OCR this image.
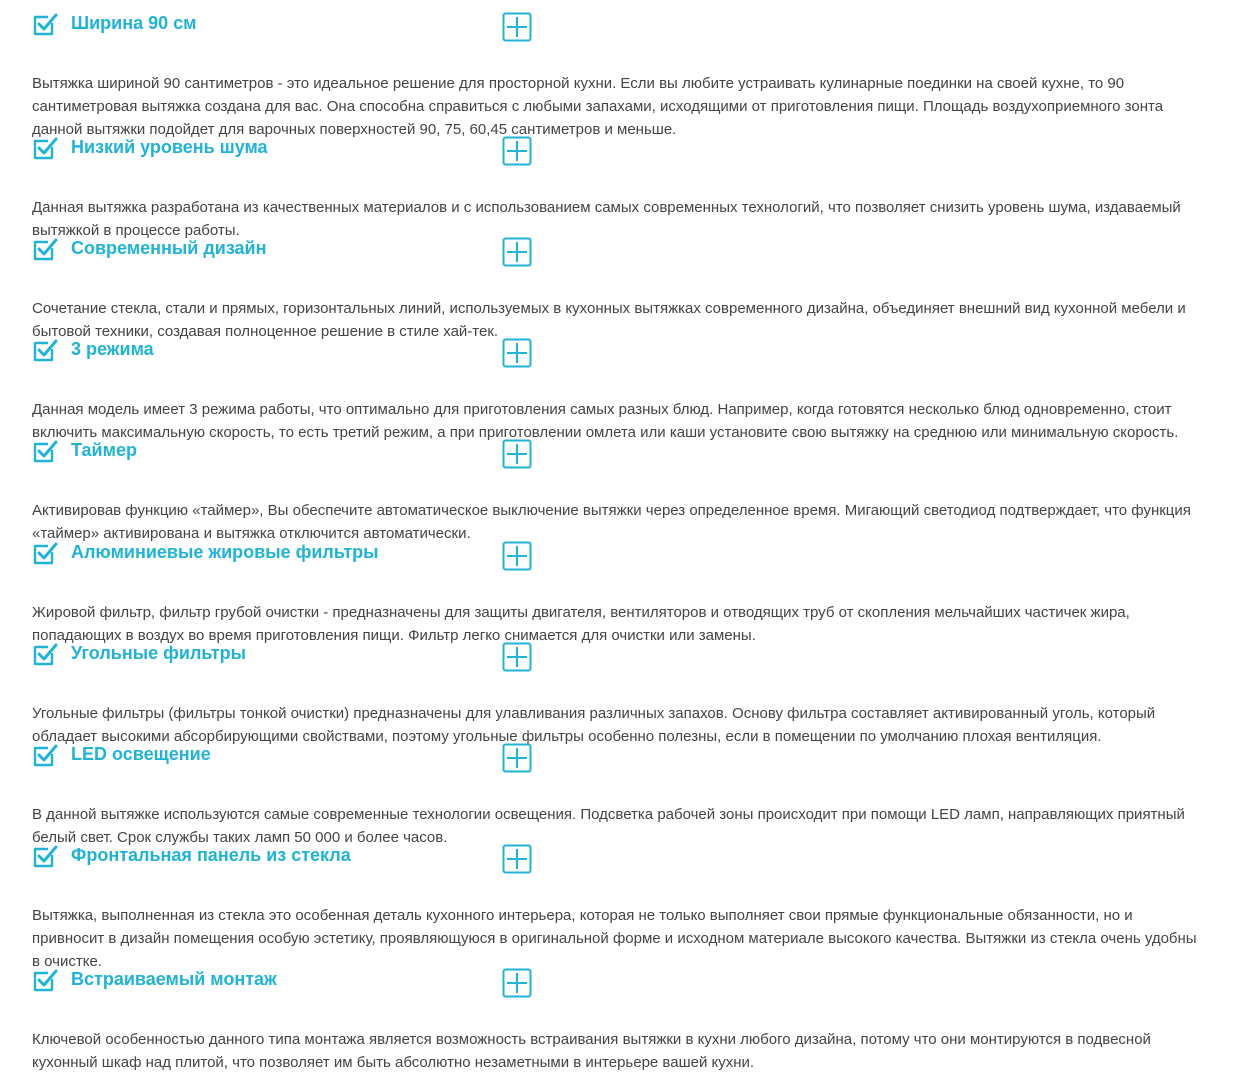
Ширина 90 см
Вытяжка шириной 90 сантиметров - это идеальное решение для просторной кухни. Если вы любите устраивать кулинарные поединки на своей кухне, то 90
сантиметровая вытяжка создана для вас. Она способна справиться с любыми запахами, исходящими от приготовления пищи. Площадь воздухоприемного зонта
данной вытяжки подойдет для варочных поверхностей 90, 75, 60,45 сантиметров и меньше.
Низкий уровень шума
Данная вытяжка разработана из качественных материалов и с использованием самых современных технологий, что позволяет снизить уровень шума, издаваемый
вытяжкой в процессе работы.
Современный дизайн
Сочетание стекла, стали и прямых, горизонтальных линий, используемых в кухонных вытяжках современного дизайна, объединяет внешний вид кухонной мебели и
бытовой техники, создавая полноценное решение в стиле хай-тек.
3 режима
Данная модель имеет 3 режима работы, что оптимально для приготовления самых разных блюд. Например, когда готовятся несколько блюд одновременно, стоит
включить максимальную скорость, то есть третий режим, а при приготовлении омлета или каши установите свою вытяжку на среднюю или минимальную скорость.
Таймер
Активировав функцию «таймер», Вы обеспечите автоматическое выключение вытяжки через определенное время. Мигающий светодиод подтверждает, что функция
«таймер» активирована и вытяжка отключится автоматически.
Алюминиевые жировые фильтры
Жировой фильтр, фильтр грубой очистки - предназначены для защиты двигателя, вентиляторов и отводящих труб от скопления мельчайших частичек жира,
попадающих в воздух во время приготовления пищи. Фильтр легко снимается для очистки или замены.
Угольные фильтры
Угольные фильтры (фильтры тонкой очистки) предназначены для улавливания различных запахов. Основу фильтра составляет активированный уголь, который
обладает высокими абсорбирующими свойствами, поэтому угольные фильтры особенно полезны, если в помещении по умолчанию плохая вентиляция.
LED освещение
В данной вытяжке используются самые современные технологии освещения. Подсветка рабочей зоны происходит при помощи LED ламп, направляющих приятный
белый свет. Срок службы таких ламп 50 000 и более часов.
Фронтальная панель из стекла
Вытяжка, выполненная из стекла это особенная деталь кухонного интерьера, которая не только выполняет свои прямые функциональные обязанности, но и
привносит в дизайн помещения особую эстетику, проявляющуюся в оригинальной форме и исходном материале высокого качества. Вытяжки из стекла очень удобны
в очистке.
Встраиваемый монтаж
Ключевой особенностью данного типа монтажа является возможность встраивания вытяжки в кухни любого дизайна, потому что они монтируются в подвесной
кухонный шкаф над плитой, что позволяет им быть абсолютно незаметными в интерьере вашей кухни.
